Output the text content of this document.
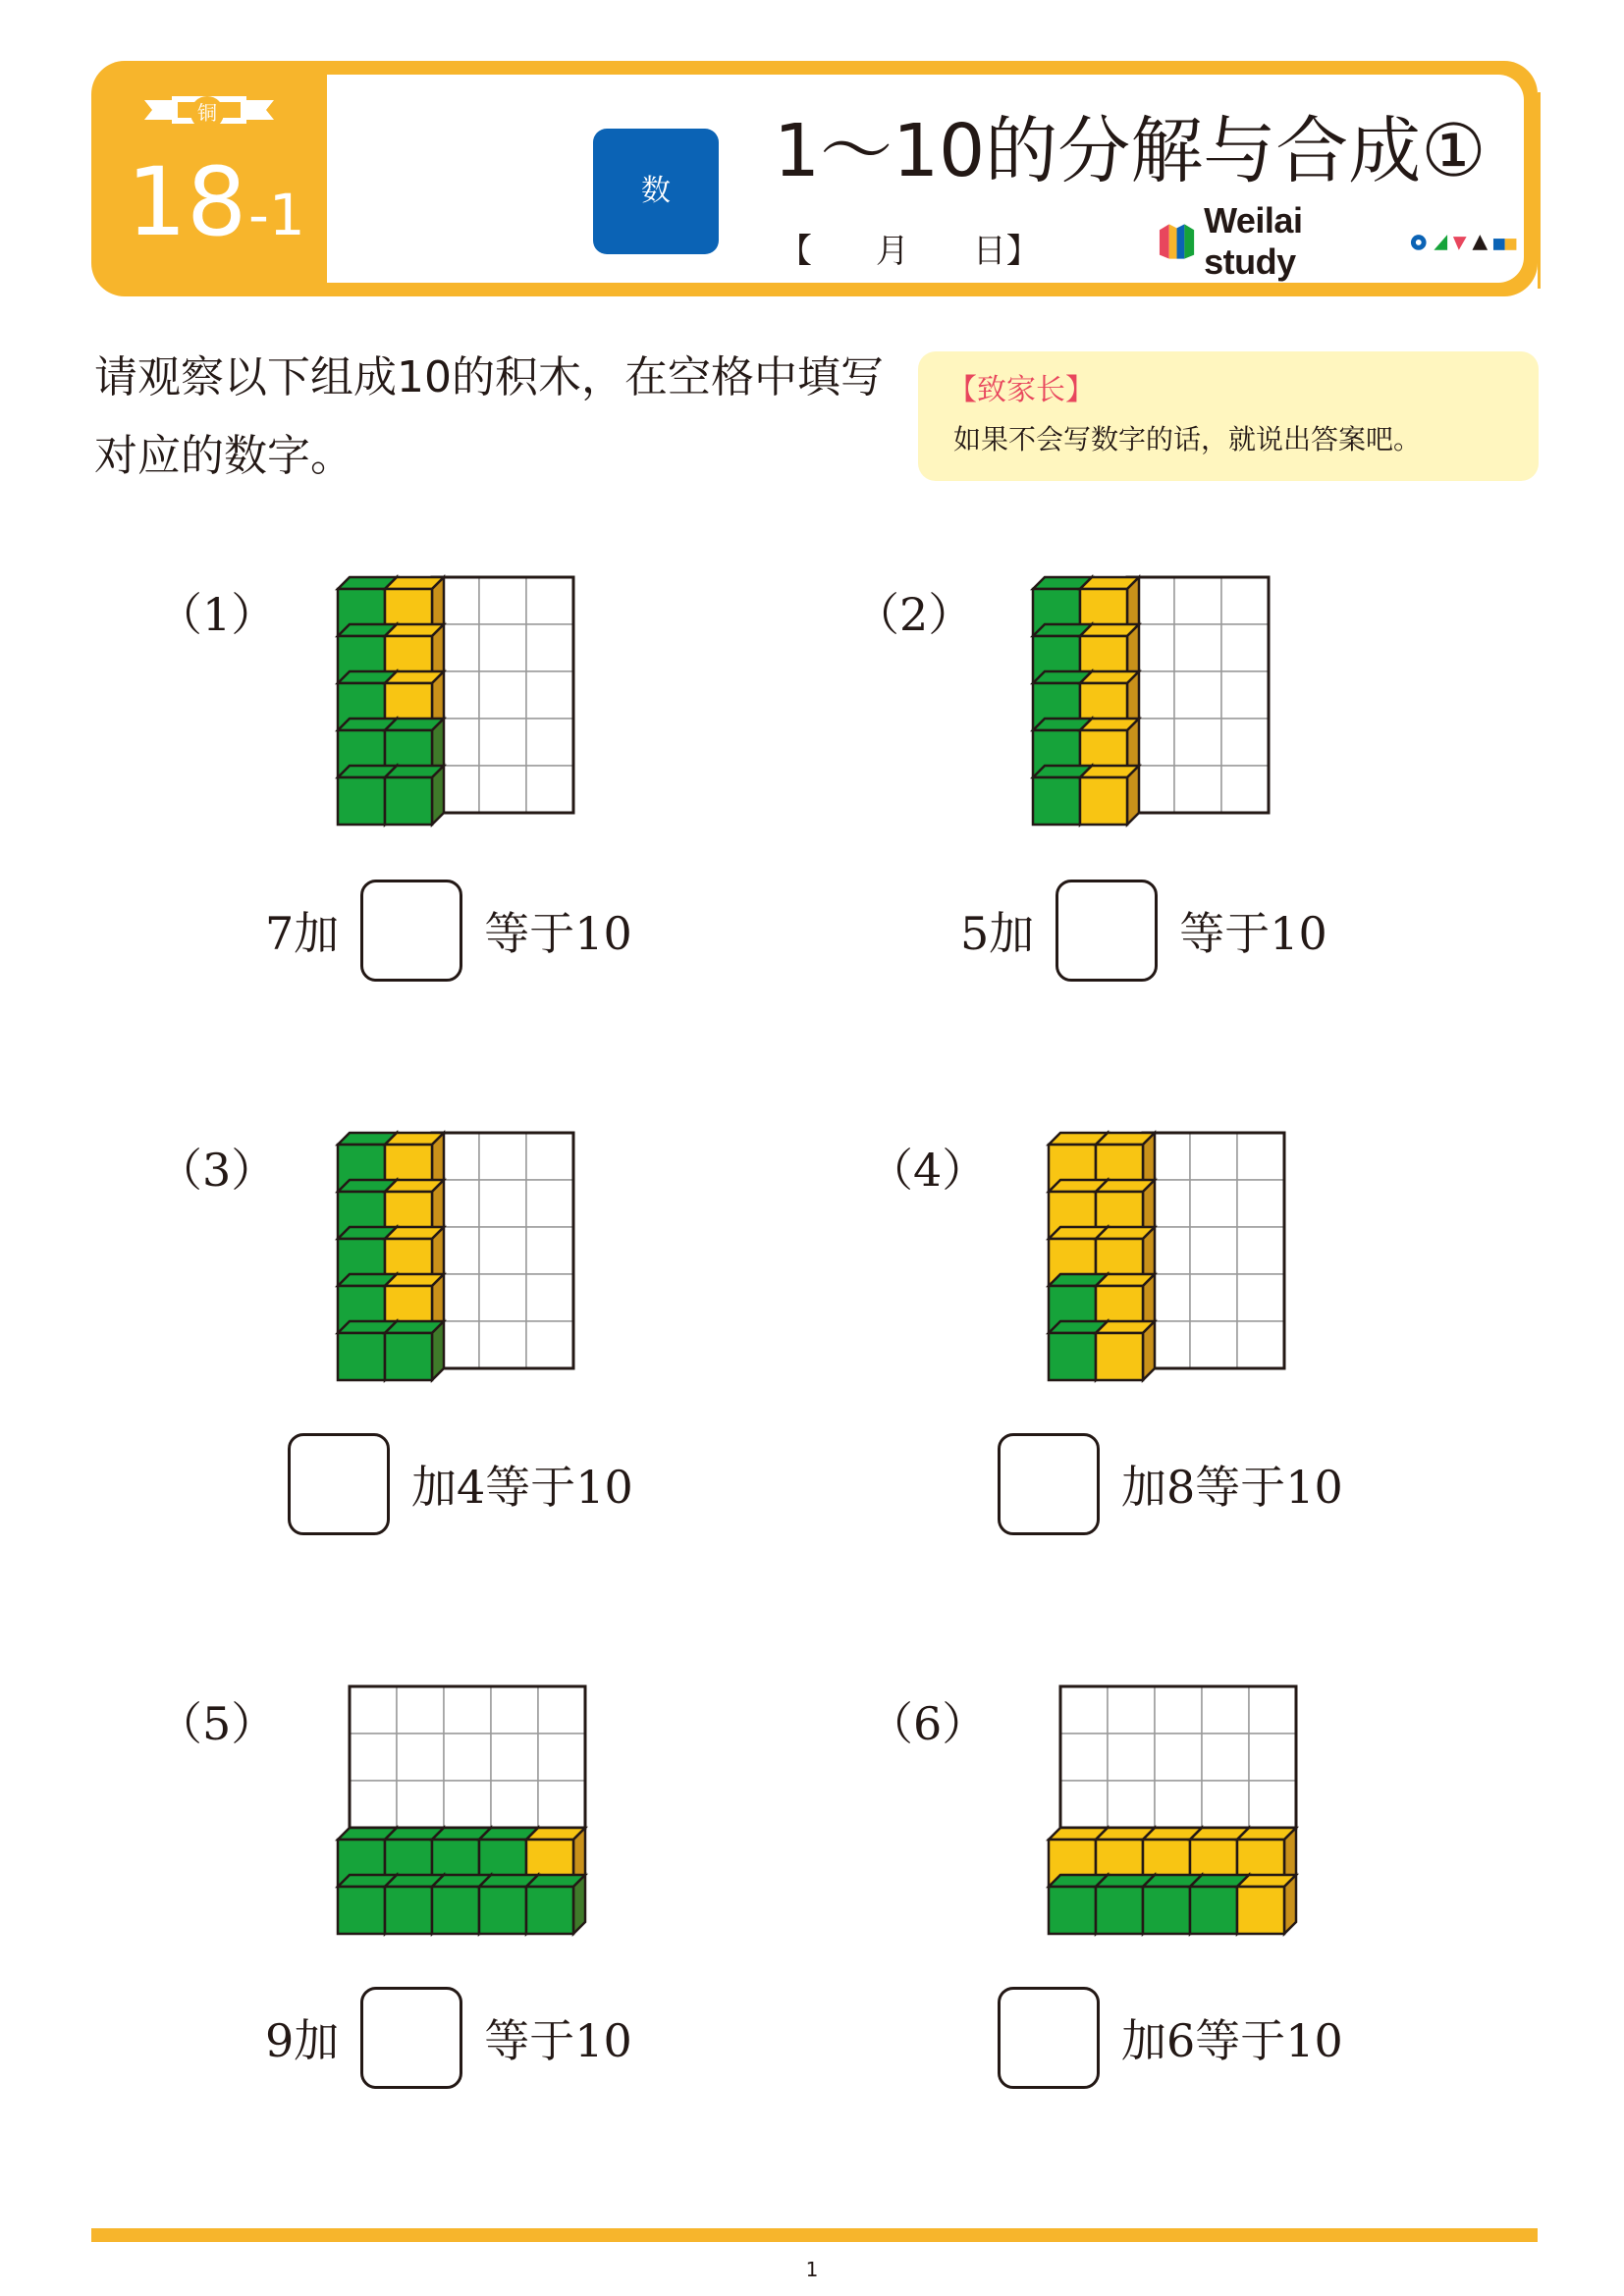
铜
18 -1	数	1～10的分解与合成①
【      月      日】
Weilai study
请观察以下组成10的积木，在空格中填写对应的数字。
【致家长】
如果不会写数字的话，就说出答案吧。
（1）
7加	等于10
（2）
5加	等于10
（3）
加4等于10
（4）
加8等于10
（5）
9加	等于10
（6）
加6等于10
1
